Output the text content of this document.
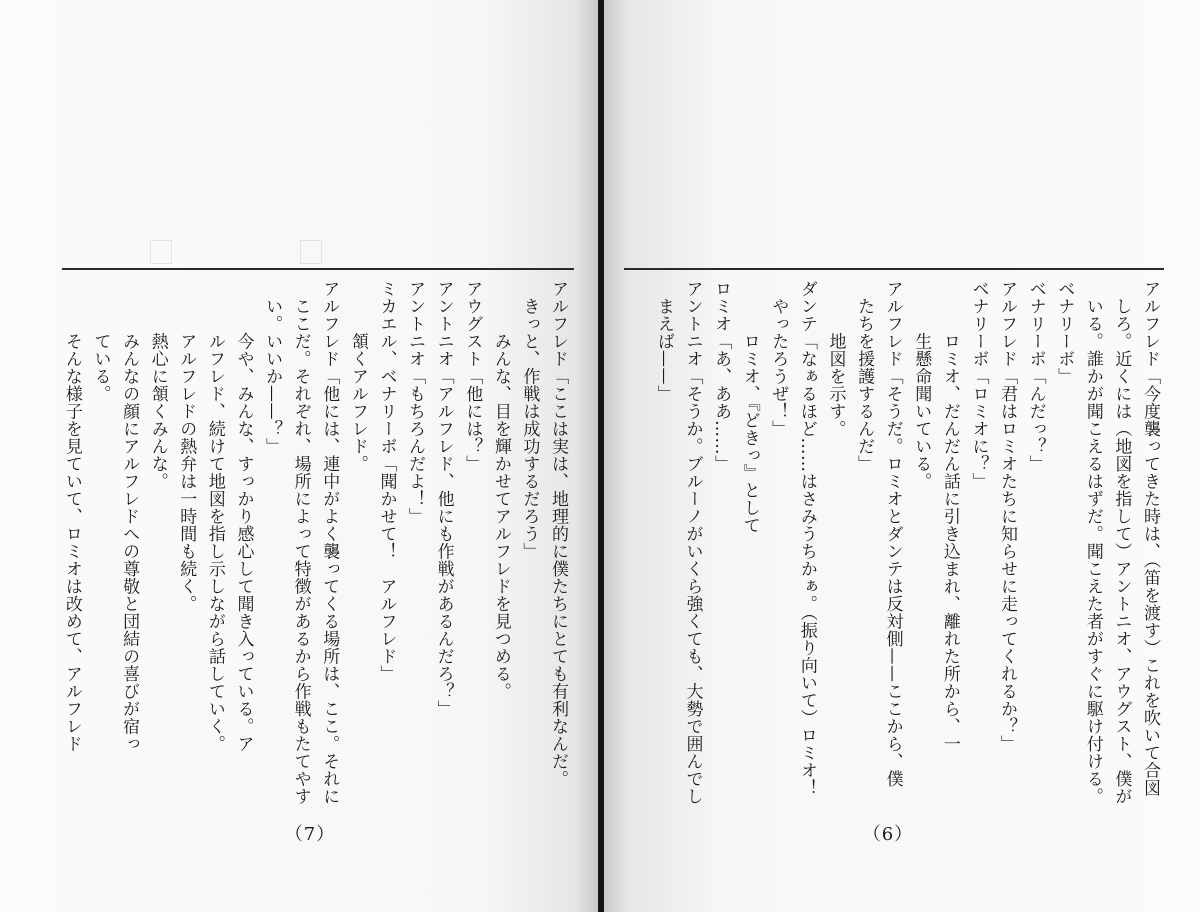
アルフレド「ここは実は、地理的に僕たちにとても有利なんだ。
　きっと、作戦は成功するだろう」
　　　みんな、目を輝かせてアルフレドを見つめる。
アウグスト「他には？」
アントニオ「アルフレド、他にも作戦があるんだろ？」
アントニオ「もちろんだよ！」
ミカエル、ベナリーボ「聞かせて！　アルフレド」
　　　頷くアルフレド。
アルフレド「他には、連中がよく襲ってくる場所は、ここ。それに
　ここだ。それぞれ、場所によって特徴があるから作戦もたてやす
　い。いいか——？」
　　　今や、みんな、すっかり感心して聞き入っている。ア
　　　ルフレド、続けて地図を指し示しながら話していく。
　　　アルフレドの熱弁は一時間も続く。
　　　熱心に頷くみんな。
　　　みんなの顔にアルフレドへの尊敬と団結の喜びが宿っ
　　　ている。
　　　そんな様子を見ていて、ロミオは改めて、アルフレド
（7）
アルフレド「今度襲ってきた時は、（笛を渡す）これを吹いて合図
　しろ。近くには（地図を指して）アントニオ、アウグスト、僕が
　いる。誰かが聞こえるはずだ。聞こえた者がすぐに駆け付ける。
ベナリーボ」
ベナリーボ「んだっ？」
アルフレド「君はロミオたちに知らせに走ってくれるか？」
ベナリーボ「ロミオに？」
　　　ロミオ、だんだん話に引き込まれ、離れた所から、一
　　　生懸命聞いている。
アルフレド「そうだ。ロミオとダンテは反対側——ここから、僕
　たちを援護するんだ」
　　　地図を示す。
ダンテ「なぁるほど……はさみうちかぁ。（振り向いて）ロミオ！
　やったろうぜ！」
　　　ロミオ、『どきっ』として
ロミオ「あ、ああ……」
アントニオ「そうか。ブルーノがいくら強くても、大勢で囲んでし
　まえば——」
（6）
